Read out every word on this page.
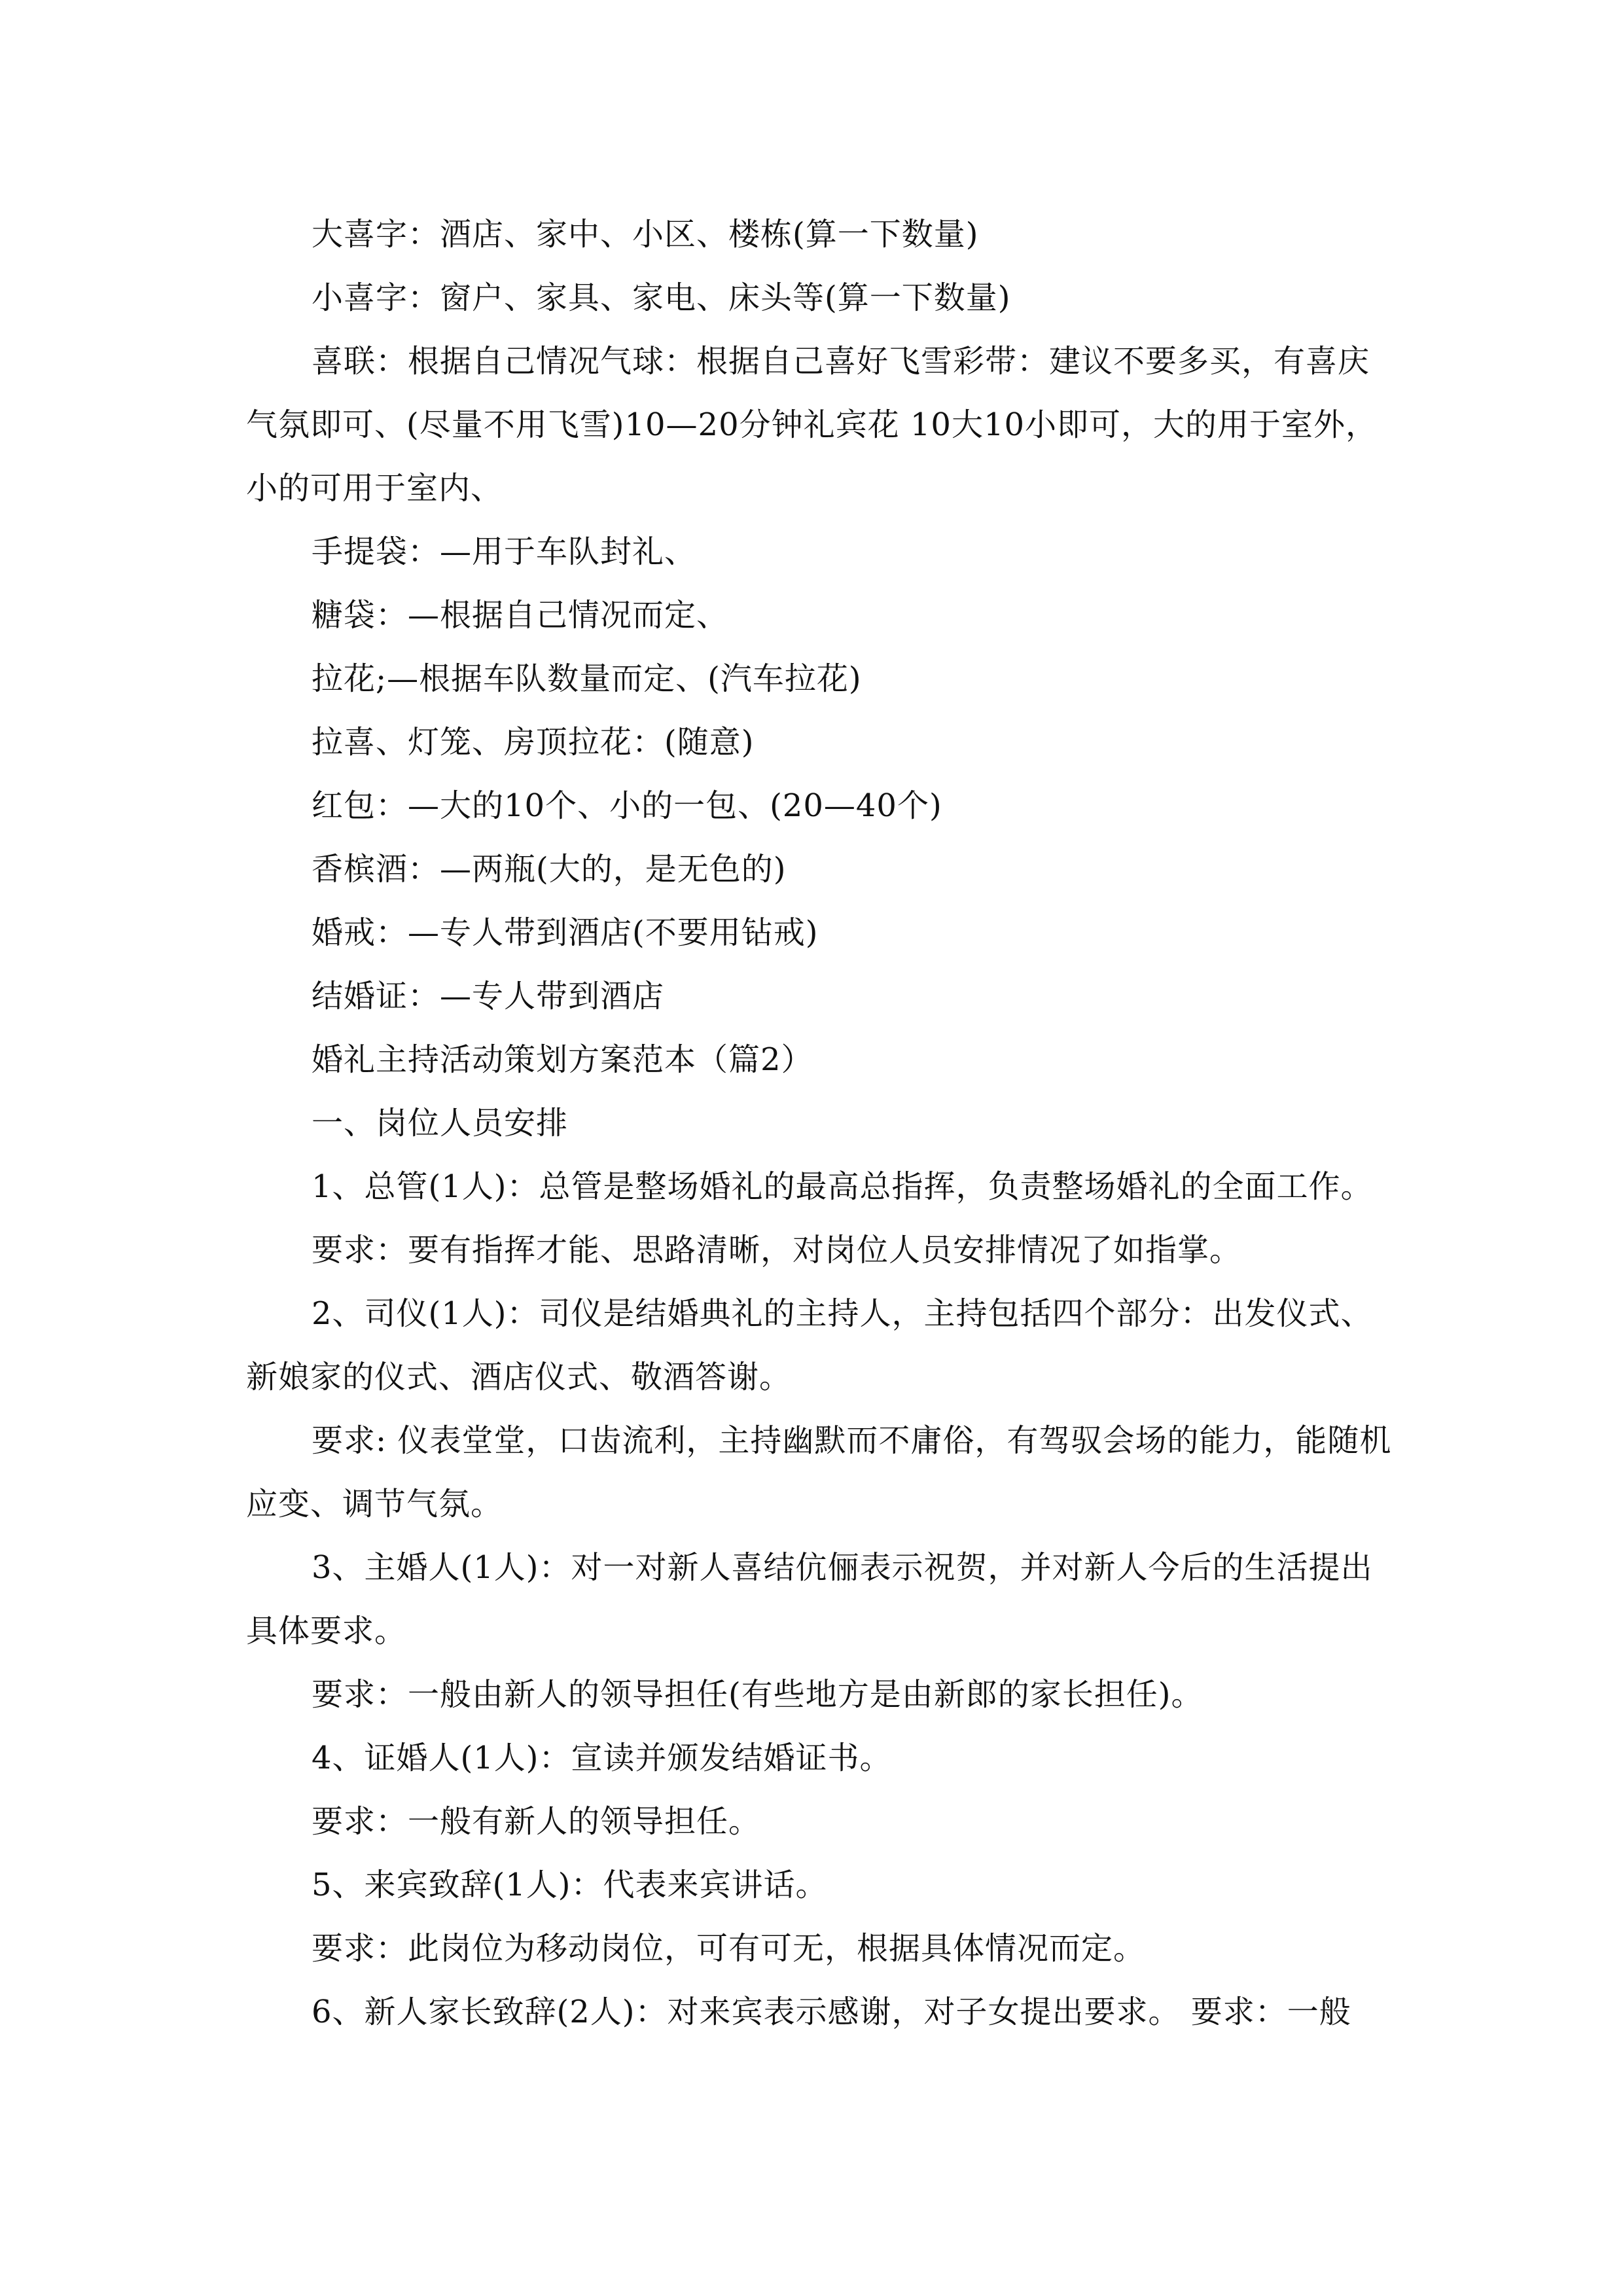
大喜字：酒店、家中、小区、楼栋(算一下数量)

小喜字：窗户、家具、家电、床头等(算一下数量)

喜联：根据自己情况气球：根据自己喜好飞雪彩带：建议不要多买，有喜庆气氛即可、(尽量不用飞雪)10—20分钟礼宾花 10大10小即可，大的用于室外，小的可用于室内、

手提袋：—用于车队封礼、

糖袋：—根据自己情况而定、

拉花;—根据车队数量而定、(汽车拉花)

拉喜、灯笼、房顶拉花：(随意)

红包：—大的10个、小的一包、(20—40个)

香槟酒：—两瓶(大的，是无色的)

婚戒：—专人带到酒店(不要用钻戒)

结婚证：—专人带到酒店

婚礼主持活动策划方案范本（篇2）

一、岗位人员安排

1、总管(1人)：总管是整场婚礼的最高总指挥，负责整场婚礼的全面工作。

要求：要有指挥才能、思路清晰，对岗位人员安排情况了如指掌。

2、司仪(1人)：司仪是结婚典礼的主持人，主持包括四个部分：出发仪式、新娘家的仪式、酒店仪式、敬酒答谢。

要求: 仪表堂堂，口齿流利，主持幽默而不庸俗，有驾驭会场的能力，能随机应变、调节气氛。

3、主婚人(1人)：对一对新人喜结伉俪表示祝贺，并对新人今后的生活提出具体要求。

要求：一般由新人的领导担任(有些地方是由新郎的家长担任)。

4、证婚人(1人)：宣读并颁发结婚证书。

要求：一般有新人的领导担任。

5、来宾致辞(1人)：代表来宾讲话。

要求：此岗位为移动岗位，可有可无，根据具体情况而定。

6、新人家长致辞(2人)：对来宾表示感谢，对子女提出要求。 要求：一般
